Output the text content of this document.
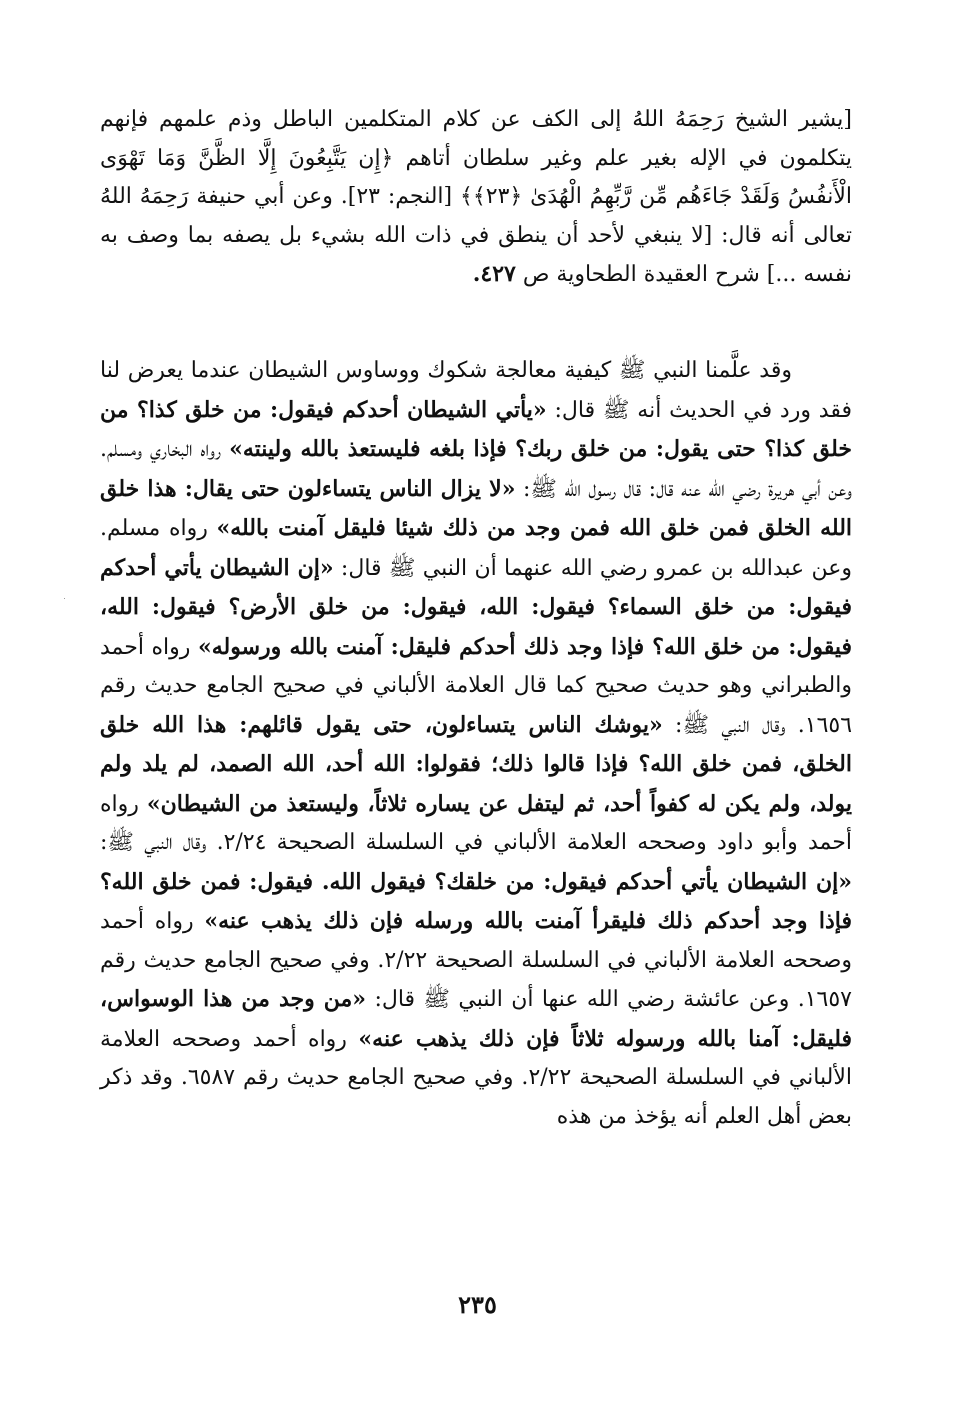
[يشير الشيخ رَحِمَهُ اللهُ إلى الكف عن كلام المتكلمين الباطل وذم علمهم فإنهم يتكلمون في الإله بغير علم وغير سلطان أتاهم ﴿إِن يَتَّبِعُونَ إِلَّا الظَّنَّ وَمَا تَهْوَى الْأَنفُسُ وَلَقَدْ جَاءَهُم مِّن رَّبِّهِمُ الْهُدَىٰ ﴿٢٣﴾﴾ [النجم: ٢٣]. وعن أبي حنيفة رَحِمَهُ اللهُ تعالى أنه قال: [لا ينبغي لأحد أن ينطق في ذات الله بشيء بل يصفه بما وصف به نفسه ...] شرح العقيدة الطحاوية ص ٤٢٧.

وقد علَّمنا النبي ﷺ كيفية معالجة شكوك ووساوس الشيطان عندما يعرض لنا فقد ورد في الحديث أنه ﷺ قال: «يأتي الشيطان أحدكم فيقول: من خلق كذا؟ من خلق كذا؟ حتى يقول: من خلق ربك؟ فإذا بلغه فليستعذ بالله ولينته» رواه البخاري ومسلم. وعن أبي هريرة رضي الله عنه قال: قال رسول الله ﷺ: «لا يزال الناس يتساءلون حتى يقال: هذا خلق الله الخلق فمن خلق الله فمن وجد من ذلك شيئا فليقل آمنت بالله» رواه مسلم. وعن عبدالله بن عمرو رضي الله عنهما أن النبي ﷺ قال: «إن الشيطان يأتي أحدكم فيقول: من خلق السماء؟ فيقول: الله، فيقول: من خلق الأرض؟ فيقول: الله، فيقول: من خلق الله؟ فإذا وجد ذلك أحدكم فليقل: آمنت بالله ورسوله» رواه أحمد والطبراني وهو حديث صحيح كما قال العلامة الألباني في صحيح الجامع حديث رقم ١٦٥٦. وقال النبي ﷺ: «يوشك الناس يتساءلون، حتى يقول قائلهم: هذا الله خلق الخلق، فمن خلق الله؟ فإذا قالوا ذلك؛ فقولوا: الله أحد، الله الصمد، لم يلد ولم يولد، ولم يكن له كفواً أحد، ثم ليتفل عن يساره ثلاثاً، وليستعذ من الشيطان» رواه أحمد وأبو داود وصححه العلامة الألباني في السلسلة الصحيحة ٢/٢٤. وقال النبي ﷺ: «إن الشيطان يأتي أحدكم فيقول: من خلقك؟ فيقول الله. فيقول: فمن خلق الله؟ فإذا وجد أحدكم ذلك فليقرأ آمنت بالله ورسله فإن ذلك يذهب عنه» رواه أحمد وصححه العلامة الألباني في السلسلة الصحيحة ٢/٢٢. وفي صحيح الجامع حديث رقم ١٦٥٧. وعن عائشة رضي الله عنها أن النبي ﷺ قال: «من وجد من هذا الوسواس، فليقل: آمنا بالله ورسوله ثلاثاً فإن ذلك يذهب عنه» رواه أحمد وصححه العلامة الألباني في السلسلة الصحيحة ٢/٢٢. وفي صحيح الجامع حديث رقم ٦٥٨٧. وقد ذكر بعض أهل العلم أنه يؤخذ من هذه

٢٣٥
